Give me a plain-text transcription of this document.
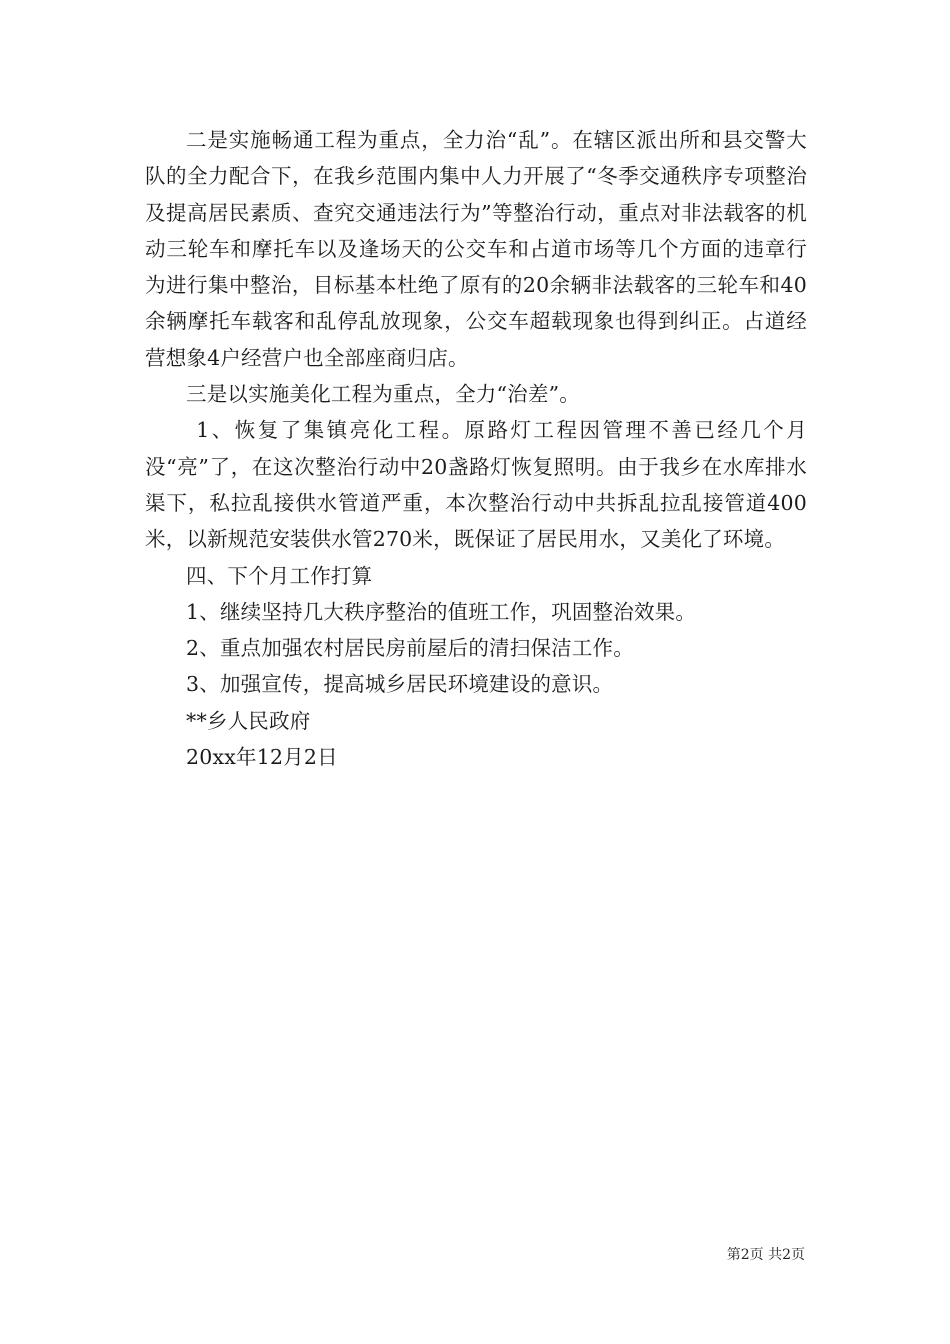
二是实施畅通工程为重点，全力治“乱”。在辖区派出所和县交警大队的全力配合下，在我乡范围内集中人力开展了“冬季交通秩序专项整治及提高居民素质、查究交通违法行为”等整治行动，重点对非法载客的机动三轮车和摩托车以及逢场天的公交车和占道市场等几个方面的违章行为进行集中整治，目标基本杜绝了原有的20余辆非法载客的三轮车和40余辆摩托车载客和乱停乱放现象，公交车超载现象也得到纠正。占道经营想象4户经营户也全部座商归店。

三是以实施美化工程为重点，全力“治差”。

1、恢复了集镇亮化工程。原路灯工程因管理不善已经几个月没“亮”了，在这次整治行动中20盏路灯恢复照明。由于我乡在水库排水渠下，私拉乱接供水管道严重，本次整治行动中共拆乱拉乱接管道400米，以新规范安装供水管270米，既保证了居民用水，又美化了环境。

四、下个月工作打算

1、继续坚持几大秩序整治的值班工作，巩固整治效果。

2、重点加强农村居民房前屋后的清扫保洁工作。

3、加强宣传，提高城乡居民环境建设的意识。

**乡人民政府

20xx年12月2日

第2页 共2页
